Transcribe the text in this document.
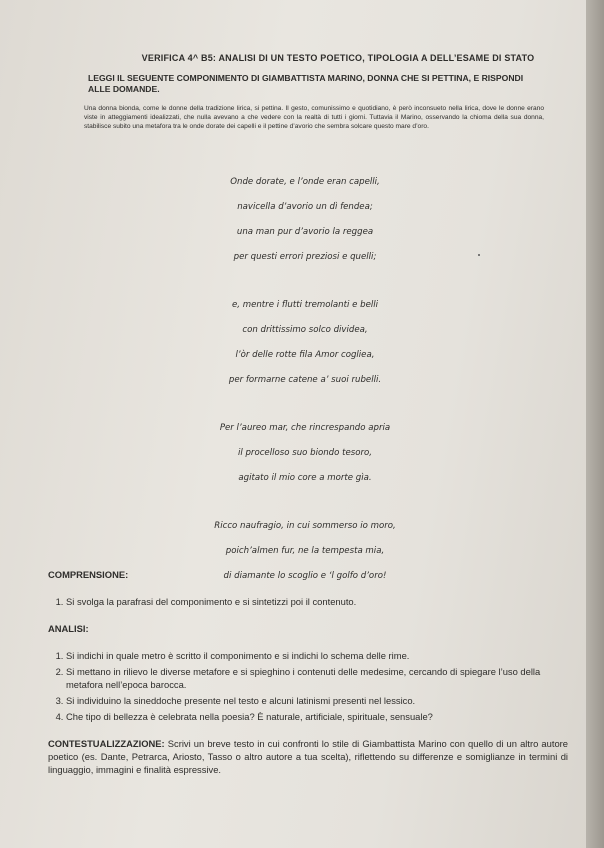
VERIFICA 4^ B5: ANALISI DI UN TESTO POETICO, TIPOLOGIA A DELL’ESAME DI STATO

LEGGI IL SEGUENTE COMPONIMENTO DI GIAMBATTISTA MARINO, DONNA CHE SI PETTINA, E RISPONDI

ALLE DOMANDE.

Una donna bionda, come le donne della tradizione lirica, si pettina. Il gesto, comunissimo e quotidiano, è però inconsueto nella lirica, dove le donne erano viste in atteggiamenti idealizzati, che nulla avevano a che vedere con la realtà di tutti i giorni. Tuttavia il Marino, osservando la chioma della sua donna, stabilisce subito una metafora tra le onde dorate dei capelli e il pettine d’avorio che sembra solcare questo mare d’oro.

Onde dorate, e l’onde eran capelli,
navicella d’avorio un dì fendea;
una man pur d’avorio la reggea
per questi errori preziosi e quelli;
e, mentre i flutti tremolanti e belli
con drittissimo solco dividea,
l’òr delle rotte fila Amor cogliea,
per formarne catene a’ suoi rubelli.
Per l’aureo mar, che rincrespando apria
il procelloso suo biondo tesoro,
agitato il mio core a morte gìa.
Ricco naufragio, in cui sommerso io moro,
poich’almen fur, ne la tempesta mia,
di diamante lo scoglio e ‘l golfo d’oro!

COMPRENSIONE:

1. Si svolga la parafrasi del componimento e si sintetizzi poi il contenuto.

ANALISI:

1. Si indichi in quale metro è scritto il componimento e si indichi lo schema delle rime.
2. Si mettano in rilievo le diverse metafore e si spieghino i contenuti delle medesime, cercando di spiegare l’uso della metafora nell’epoca barocca.
3. Si individuino la sineddoche presente nel testo e alcuni latinismi presenti nel lessico.
4. Che tipo di bellezza è celebrata nella poesia? È naturale, artificiale, spirituale, sensuale?

CONTESTUALIZZAZIONE: Scrivi un breve testo in cui confronti lo stile di Giambattista Marino con quello di un altro autore poetico (es. Dante, Petrarca, Ariosto, Tasso o altro autore a tua scelta), riflettendo su differenze e somiglianze in termini di linguaggio, immagini e finalità espressive.
